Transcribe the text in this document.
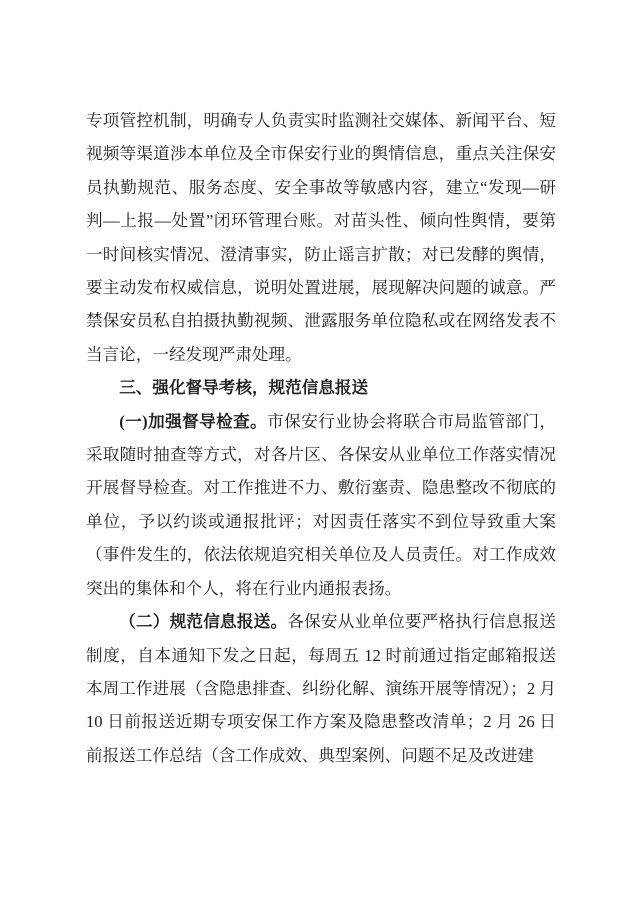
专项管控机制，明确专人负责实时监测社交媒体、新闻平台、短视频等渠道涉本单位及全市保安行业的舆情信息，重点关注保安员执勤规范、服务态度、安全事故等敏感内容，建立“发现—研判—上报—处置”闭环管理台账。对苗头性、倾向性舆情，要第一时间核实情况、澄清事实，防止谣言扩散；对已发酵的舆情，要主动发布权威信息，说明处置进展，展现解决问题的诚意。严禁保安员私自拍摄执勤视频、泄露服务单位隐私或在网络发表不当言论，一经发现严肃处理。

三、强化督导考核，规范信息报送

(一)加强督导检查。市保安行业协会将联合市局监管部门，采取随时抽查等方式，对各片区、各保安从业单位工作落实情况开展督导检查。对工作推进不力、敷衍塞责、隐患整改不彻底的单位，予以约谈或通报批评；对因责任落实不到位导致重大案（事件发生的，依法依规追究相关单位及人员责任。对工作成效突出的集体和个人，将在行业内通报表扬。

（二）规范信息报送。各保安从业单位要严格执行信息报送制度，自本通知下发之日起，每周五 12 时前通过指定邮箱报送本周工作进展（含隐患排查、纠纷化解、演练开展等情况）；2 月 10 日前报送近期专项安保工作方案及隐患整改清单；2 月 26 日前报送工作总结（含工作成效、典型案例、问题不足及改进建
